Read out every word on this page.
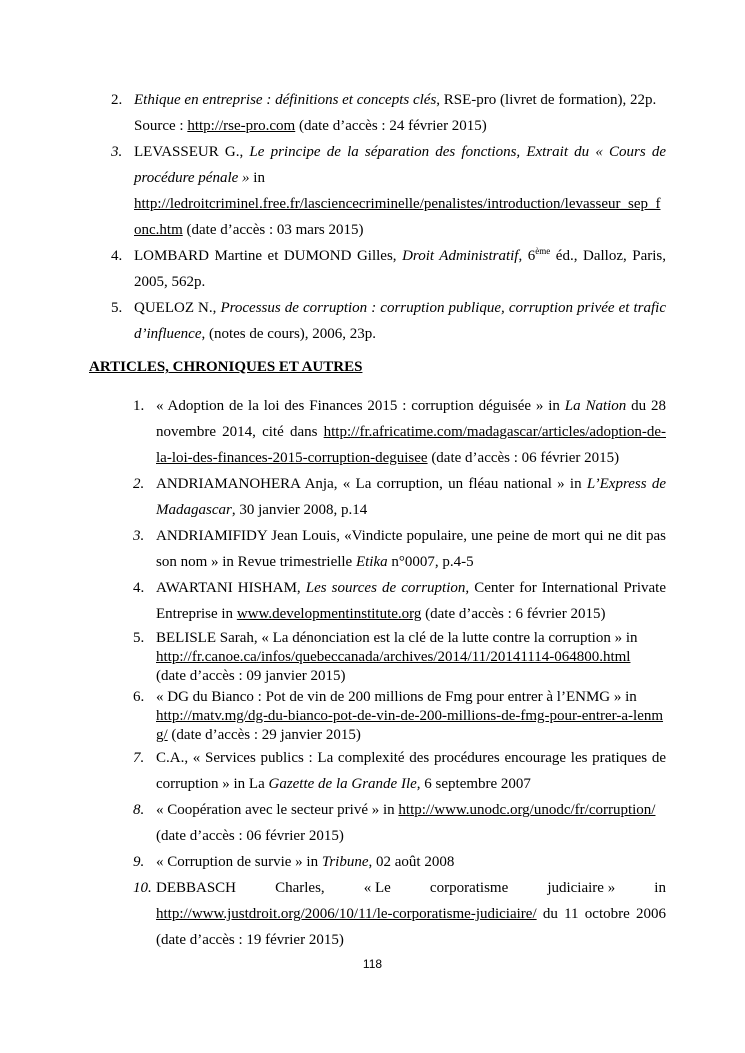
2. Ethique en entreprise : définitions et concepts clés, RSE-pro (livret de formation), 22p.
Source : http://rse-pro.com (date d’accès : 24 février 2015)
3. LEVASSEUR G., Le principe de la séparation des fonctions, Extrait du « Cours de procédure pénale » in
http://ledroitcriminel.free.fr/lasciencecriminelle/penalistes/introduction/levasseur_sep_f
onc.htm (date d’accès : 03 mars 2015)
4. LOMBARD Martine et DUMOND Gilles, Droit Administratif, 6ème éd., Dalloz, Paris, 2005, 562p.
5. QUELOZ N., Processus de corruption : corruption publique, corruption privée et trafic d’influence, (notes de cours), 2006, 23p.
ARTICLES, CHRONIQUES ET AUTRES
1. « Adoption de la loi des Finances 2015 : corruption déguisée » in La Nation du 28 novembre 2014, cité dans http://fr.africatime.com/madagascar/articles/adoption-de-la-loi-des-finances-2015-corruption-deguisee (date d’accès : 06 février 2015)
2. ANDRIAMANOHERA Anja, « La corruption, un fléau national » in L’Express de Madagascar, 30 janvier 2008, p.14
3. ANDRIAMIFIDY Jean Louis, «Vindicte populaire, une peine de mort qui ne dit pas son nom » in Revue trimestrielle Etika n°0007, p.4-5
4. AWARTANI HISHAM, Les sources de corruption, Center for International Private Entreprise in www.developmentinstitute.org (date d’accès : 6 février 2015)
5. BELISLE Sarah, « La dénonciation est la clé de la lutte contre la corruption » in
http://fr.canoe.ca/infos/quebeccanada/archives/2014/11/20141114-064800.html
(date d’accès : 09 janvier 2015)
6. « DG du Bianco : Pot de vin de 200 millions de Fmg pour entrer à l’ENMG » in
http://matv.mg/dg-du-bianco-pot-de-vin-de-200-millions-de-fmg-pour-entrer-a-lenmg/ (date d’accès : 29 janvier 2015)
7. C.A., « Services publics : La complexité des procédures encourage les pratiques de corruption » in La Gazette de la Grande Ile, 6 septembre 2007
8. « Coopération avec le secteur privé » in http://www.unodc.org/unodc/fr/corruption/
(date d’accès : 06 février 2015)
9. « Corruption de survie » in Tribune, 02 août 2008
10. DEBBASCH	Charles,	« Le	corporatisme	judiciaire »	in
http://www.justdroit.org/2006/10/11/le-corporatisme-judiciaire/ du 11 octobre 2006 (date d’accès : 19 février 2015)
118
